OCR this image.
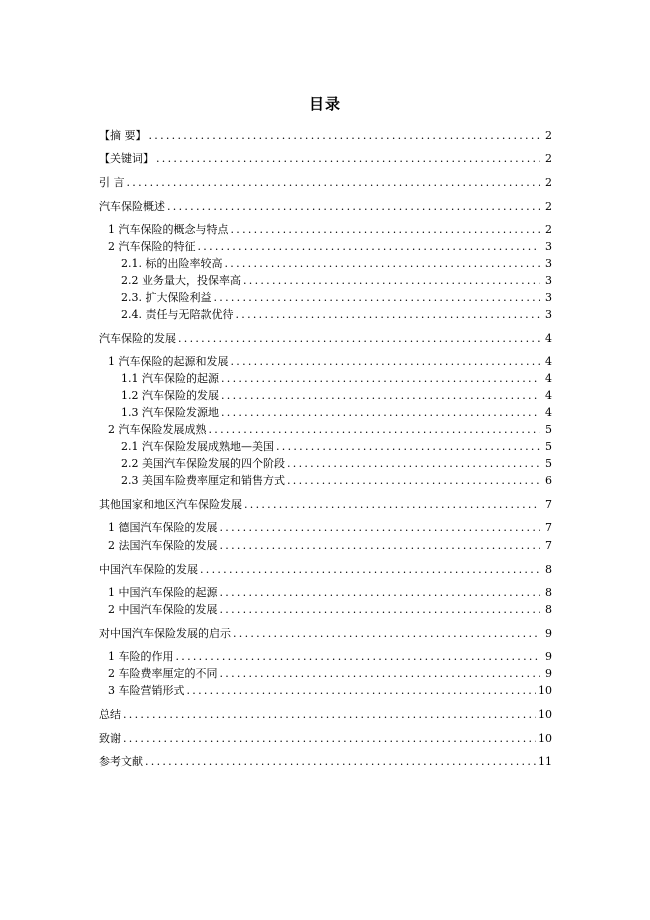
目录
【摘 要】 . . .	2
【关键词】 . . .	2
引 言 . . .	2
汽车保险概述 . . .	2
1 汽车保险的概念与特点 . . .	2
2 汽车保险的特征 . . .	3
2.1. 标的出险率较高 . . .	3
2.2 业务量大，投保率高 . . .	3
2.3. 扩大保险利益 . . .	3
2.4. 责任与无陪款优待 . . .	3
汽车保险的发展 . . .	4
1 汽车保险的起源和发展 . . .	4
1.1 汽车保险的起源 . . .	4
1.2 汽车保险的发展 . . .	4
1.3 汽车保险发源地 . . .	4
2 汽车保险发展成熟 . . .	5
2.1 汽车保险发展成熟地—美国 . . .	5
2.2 美国汽车保险发展的四个阶段 . . .	5
2.3 美国车险费率厘定和销售方式 . . .	6
其他国家和地区汽车保险发展 . . .	7
1 德国汽车保险的发展 . . .	7
2 法国汽车保险的发展 . . .	7
中国汽车保险的发展 . . .	8
1 中国汽车保险的起源 . . .	8
2 中国汽车保险的发展 . . .	8
对中国汽车保险发展的启示 . . .	9
1 车险的作用 . . .	9
2 车险费率厘定的不同 . . .	9
3 车险营销形式 . . .	10
总结 . . .	10
致谢 . . .	10
参考文献 . . .	11
